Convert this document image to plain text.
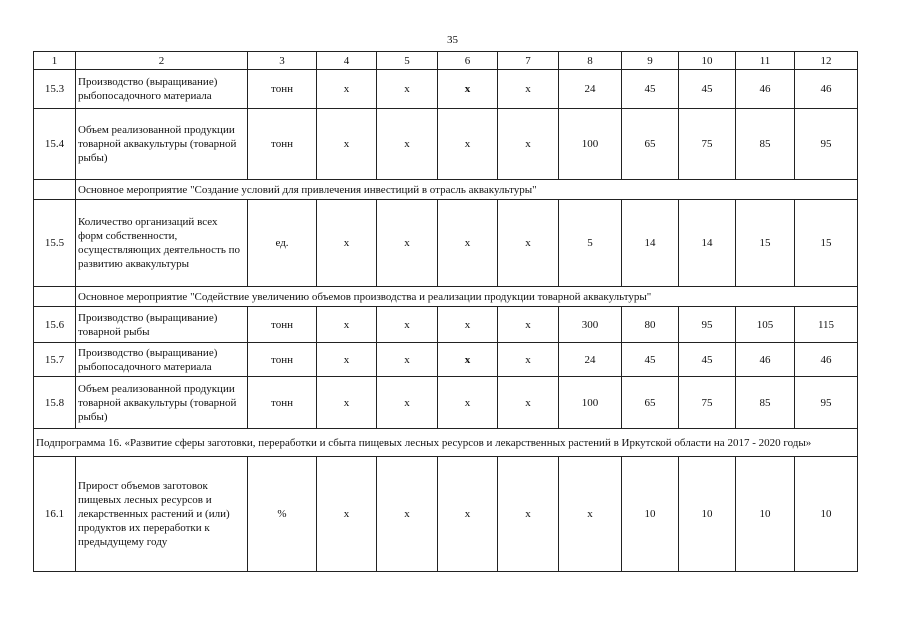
35
1	2	3	4	5	6	7	8	9	10	11	12
15.3	Производство (выращивание) рыбопосадочного материала	тонн	х	х	х	х	24	45	45	46	46
15.4	Объем реализованной продукции товарной аквакультуры (товарной рыбы)	тонн	х	х	х	х	100	65	75	85	95
	Основное мероприятие "Создание условий для привлечения инвестиций в отрасль аквакультуры"										
15.5	Количество организаций всех форм собственности, осуществляющих деятельность по развитию аквакультуры	ед.	х	х	х	х	5	14	14	15	15
	Основное мероприятие "Содействие увеличению объемов производства и реализации продукции товарной аквакультуры"										
15.6	Производство (выращивание) товарной рыбы	тонн	х	х	х	х	300	80	95	105	115
15.7	Производство (выращивание) рыбопосадочного материала	тонн	х	х	х	х	24	45	45	46	46
15.8	Объем реализованной продукции товарной аквакультуры (товарной рыбы)	тонн	х	х	х	х	100	65	75	85	95
Подпрограмма 16. «Развитие сферы заготовки, переработки и сбыта пищевых лесных ресурсов и лекарственных растений в Иркутской области на 2017 - 2020 годы»											
16.1	Прирост объемов заготовок пищевых лесных ресурсов и лекарственных растений и (или) продуктов их переработки к предыдущему году	%	х	х	х	х	х	10	10	10	10
